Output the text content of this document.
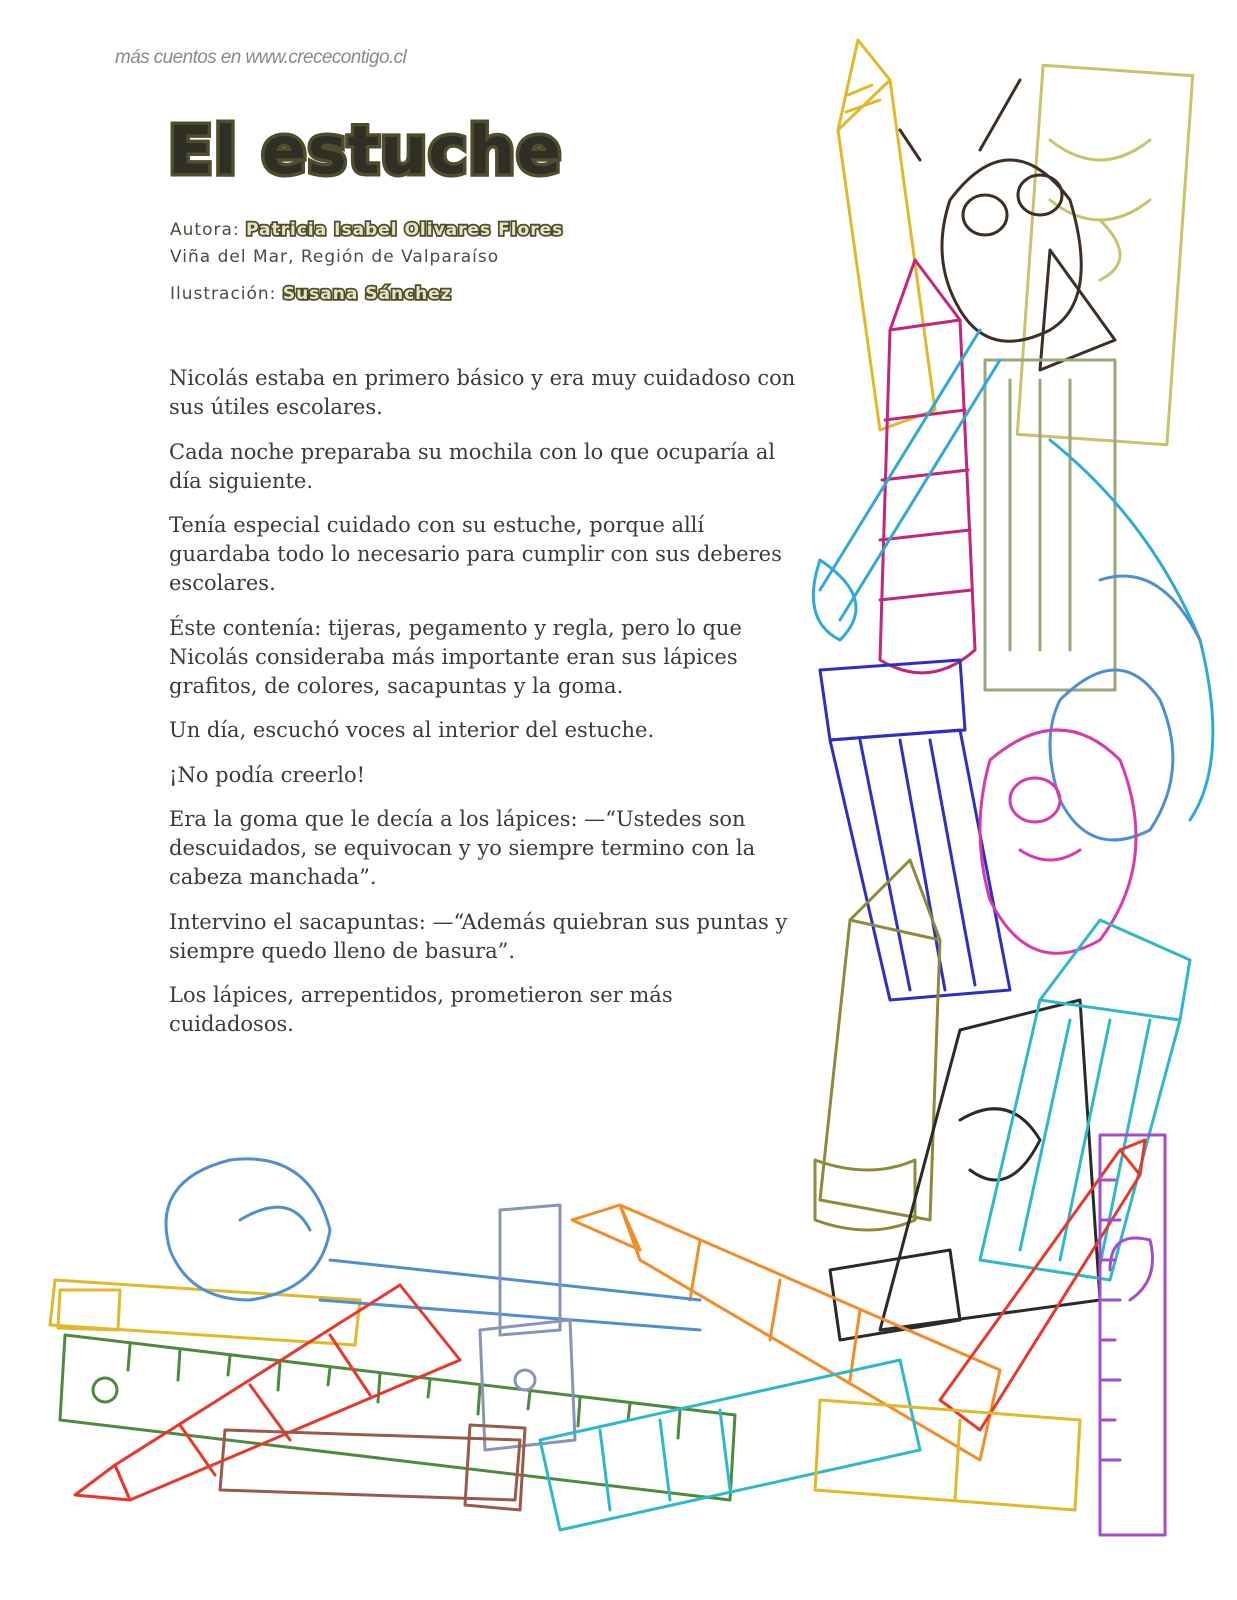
más cuentos en www.crececontigo.cl
El estuche
Autora: Patricia Isabel Olivares Flores
Viña del Mar, Región de Valparaíso
Ilustración: Susana Sánchez

Nicolás estaba en primero básico y era muy cuidadoso con sus útiles escolares.

Cada noche preparaba su mochila con lo que ocuparía al día siguiente.

Tenía especial cuidado con su estuche, porque allí guardaba todo lo necesario para cumplir con sus deberes escolares.

Éste contenía: tijeras, pegamento y regla, pero lo que Nicolás consideraba más importante eran sus lápices grafitos, de colores, sacapuntas y la goma.

Un día, escuchó voces al interior del estuche.

¡No podía creerlo!

Era la goma que le decía a los lápices: —“Ustedes son descuidados, se equivocan y yo siempre termino con la cabeza manchada”.

Intervino el sacapuntas: —“Además quiebran sus puntas y siempre quedo lleno de basura”.

Los lápices, arrepentidos, prometieron ser más cuidadosos.
